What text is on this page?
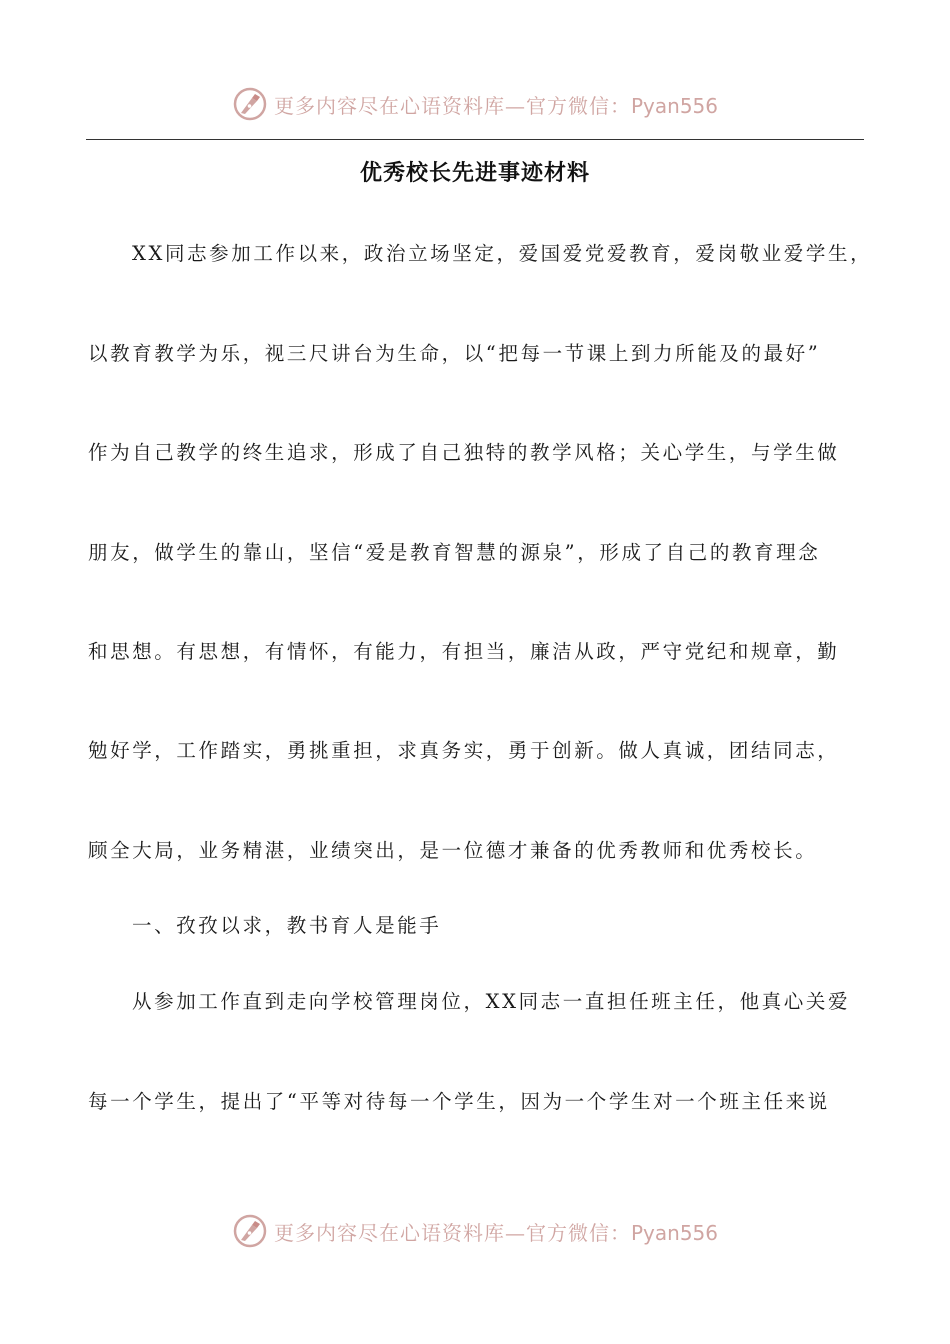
更多内容尽在心语资料库—官方微信：Pyan556
优秀校长先进事迹材料
XX同志参加工作以来，政治立场坚定，爱国爱党爱教育，爱岗敬业爱学生，
以教育教学为乐，视三尺讲台为生命，以“把每一节课上到力所能及的最好”
作为自己教学的终生追求，形成了自己独特的教学风格；关心学生，与学生做
朋友，做学生的靠山，坚信“爱是教育智慧的源泉”，形成了自己的教育理念
和思想。有思想，有情怀，有能力，有担当，廉洁从政，严守党纪和规章，勤
勉好学，工作踏实，勇挑重担，求真务实，勇于创新。做人真诚，团结同志，
顾全大局，业务精湛，业绩突出，是一位德才兼备的优秀教师和优秀校长。
一、孜孜以求，教书育人是能手
从参加工作直到走向学校管理岗位，XX同志一直担任班主任，他真心关爱
每一个学生，提出了“平等对待每一个学生，因为一个学生对一个班主任来说
更多内容尽在心语资料库—官方微信：Pyan556
